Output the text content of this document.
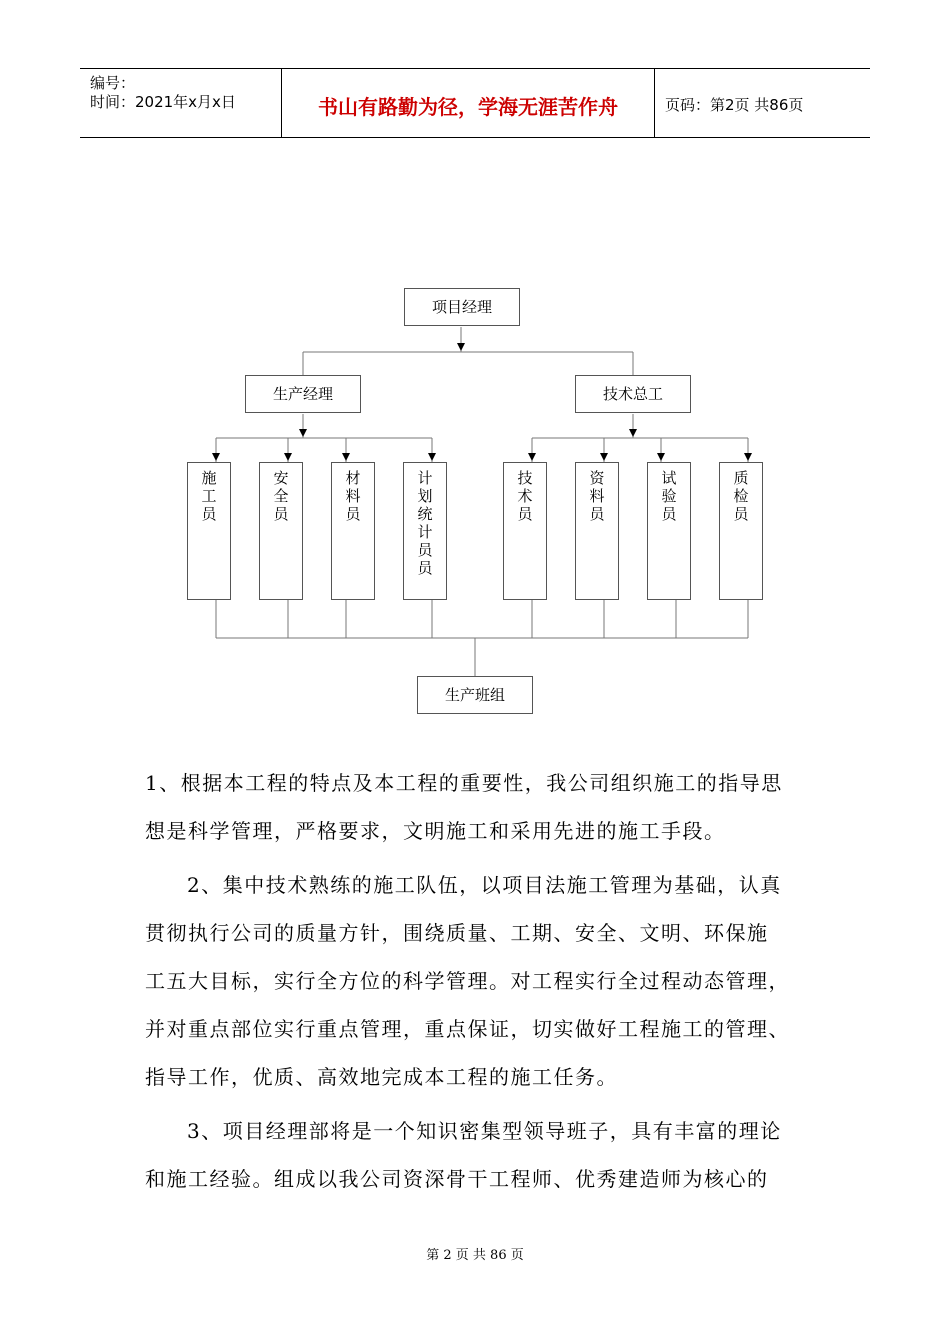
编号：
时间：2021年x月x日	书山有路勤为径，学海无涯苦作舟	页码：第2页 共86页
项目经理
生产经理	技术总工
施
工
员
安
全
员
材
料
员
计
划
统
计
员
员
技
术
员
资
料
员
试
验
员
质
检
员
生产班组
1、根据本工程的特点及本工程的重要性，我公司组织施工的指导思
想是科学管理，严格要求，文明施工和采用先进的施工手段。
2、集中技术熟练的施工队伍，以项目法施工管理为基础，认真
贯彻执行公司的质量方针，围绕质量、工期、安全、文明、环保施
工五大目标，实行全方位的科学管理。对工程实行全过程动态管理，
并对重点部位实行重点管理，重点保证，切实做好工程施工的管理、
指导工作，优质、高效地完成本工程的施工任务。
3、项目经理部将是一个知识密集型领导班子，具有丰富的理论
和施工经验。组成以我公司资深骨干工程师、优秀建造师为核心的
第 2 页 共 86 页
